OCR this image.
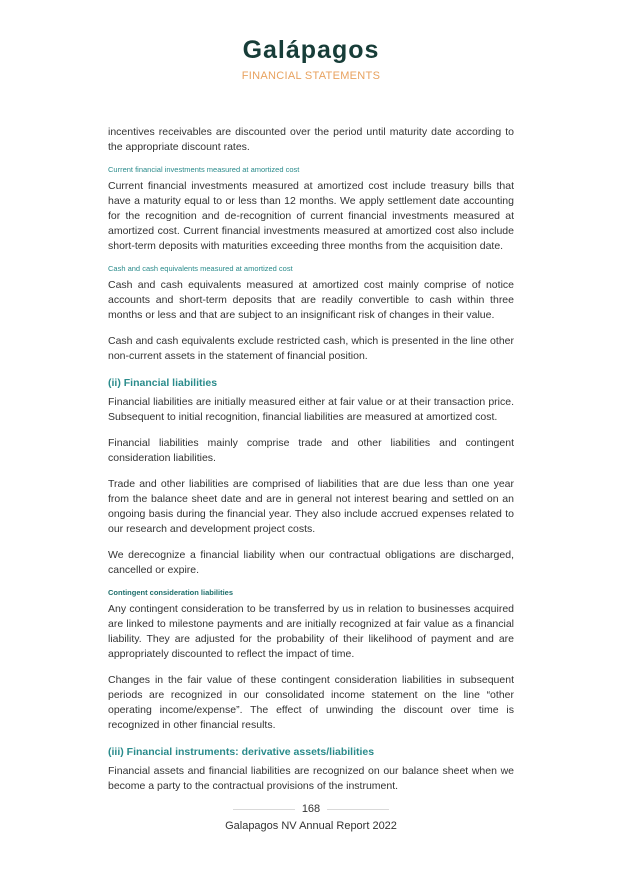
Galápagos
FINANCIAL STATEMENTS

incentives receivables are discounted over the period until maturity date according to the appropriate discount rates.

Current financial investments measured at amortized cost

Current financial investments measured at amortized cost include treasury bills that have a maturity equal to or less than 12 months. We apply settlement date accounting for the recognition and de-recognition of current financial investments measured at amortized cost. Current financial investments measured at amortized cost also include short-term deposits with maturities exceeding three months from the acquisition date.

Cash and cash equivalents measured at amortized cost

Cash and cash equivalents measured at amortized cost mainly comprise of notice accounts and short-term deposits that are readily convertible to cash within three months or less and that are subject to an insignificant risk of changes in their value.

Cash and cash equivalents exclude restricted cash, which is presented in the line other non-current assets in the statement of financial position.

(ii) Financial liabilities

Financial liabilities are initially measured either at fair value or at their transaction price. Subsequent to initial recognition, financial liabilities are measured at amortized cost.

Financial liabilities mainly comprise trade and other liabilities and contingent consideration liabilities.

Trade and other liabilities are comprised of liabilities that are due less than one year from the balance sheet date and are in general not interest bearing and settled on an ongoing basis during the financial year. They also include accrued expenses related to our research and development project costs.

We derecognize a financial liability when our contractual obligations are discharged, cancelled or expire.

Contingent consideration liabilities

Any contingent consideration to be transferred by us in relation to businesses acquired are linked to milestone payments and are initially recognized at fair value as a financial liability. They are adjusted for the probability of their likelihood of payment and are appropriately discounted to reflect the impact of time.

Changes in the fair value of these contingent consideration liabilities in subsequent periods are recognized in our consolidated income statement on the line “other operating income/expense”. The effect of unwinding the discount over time is recognized in other financial results.

(iii) Financial instruments: derivative assets/liabilities

Financial assets and financial liabilities are recognized on our balance sheet when we become a party to the contractual provisions of the instrument.

168
Galapagos NV Annual Report 2022
